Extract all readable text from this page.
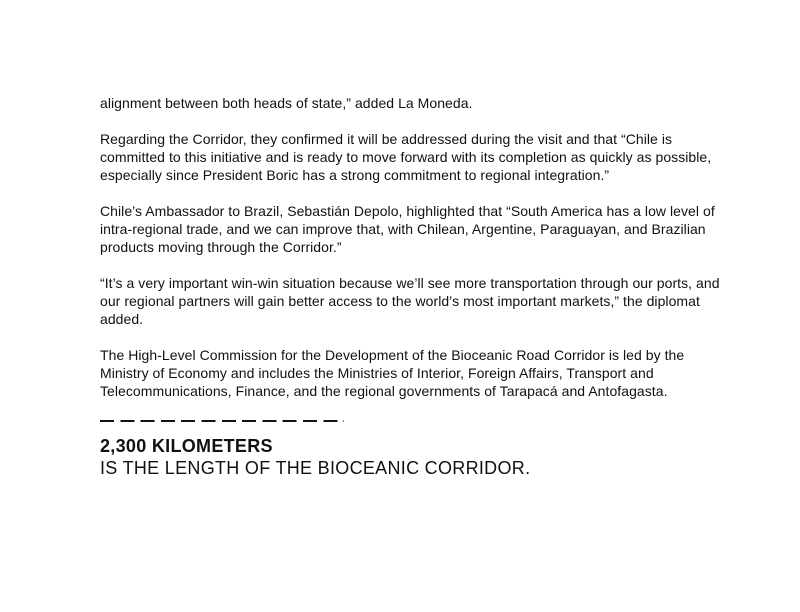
alignment between both heads of state,” added La Moneda.

Regarding the Corridor, they confirmed it will be addressed during the visit and that “Chile is committed to this initiative and is ready to move forward with its completion as quickly as possible, especially since President Boric has a strong commitment to regional integration.”

Chile’s Ambassador to Brazil, Sebastián Depolo, highlighted that “South America has a low level of intra-regional trade, and we can improve that, with Chilean, Argentine, Paraguayan, and Brazilian products moving through the Corridor.”

“It’s a very important win-win situation because we’ll see more transportation through our ports, and our regional partners will gain better access to the world’s most important markets,” the diplomat added.

The High-Level Commission for the Development of the Bioceanic Road Corridor is led by the Ministry of Economy and includes the Ministries of Interior, Foreign Affairs, Transport and Telecommunications, Finance, and the regional governments of Tarapacá and Antofagasta.

2,300 KILOMETERS
IS THE LENGTH OF THE BIOCEANIC CORRIDOR.
